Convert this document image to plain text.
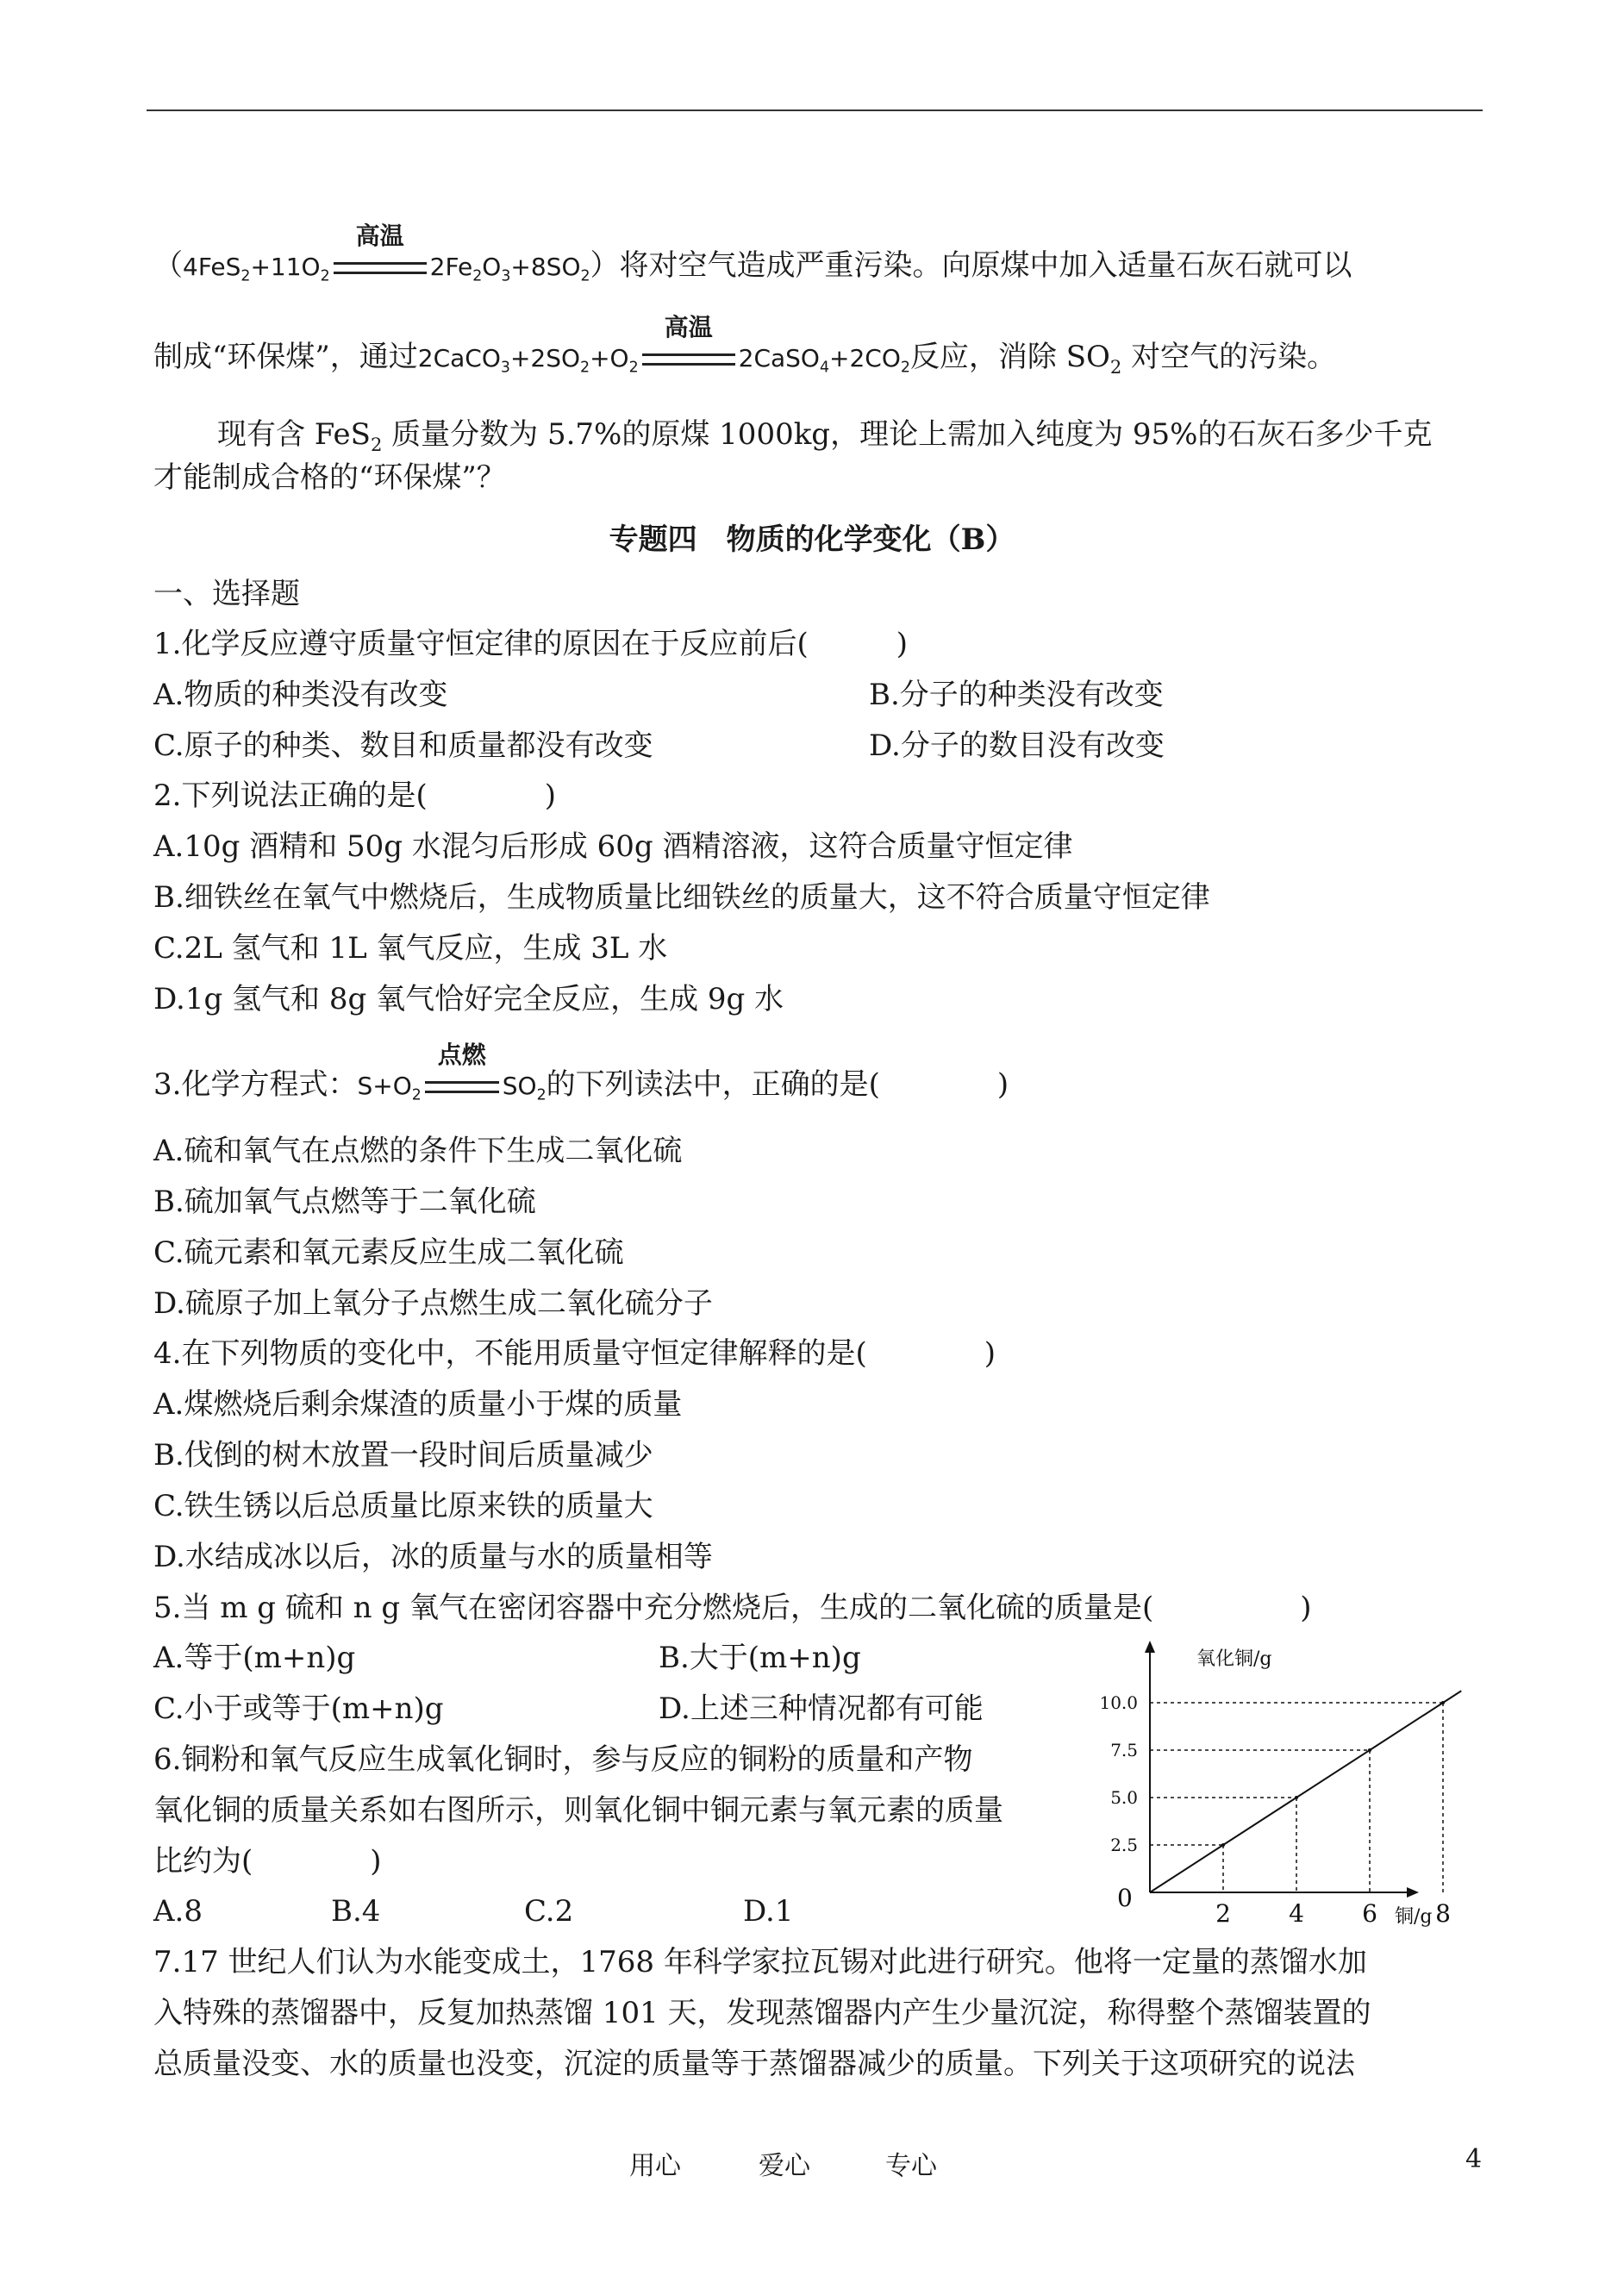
（$4FeS_2+11O_2$
高温
$2Fe_2O_3+8SO_2$）将对空气造成严重污染。向原煤中加入适量石灰石就可以
制成“环保煤”，通过$2CaCO_3+2SO_2+O_2$
高温
$2CaSO_4+2CO_2$反应，消除 $SO_2$ 对空气的污染。
现有含 FeS$_2$ 质量分数为 5.7%的原煤 1000kg，理论上需加入纯度为 95%的石灰石多少千克
才能制成合格的“环保煤”？
专题四　物质的化学变化（B）
一、选择题
1.化学反应遵守质量守恒定律的原因在于反应前后(　　　)
A.物质的种类没有改变	B.分子的种类没有改变
C.原子的种类、数目和质量都没有改变	D.分子的数目没有改变
2.下列说法正确的是(　　　　)
A.10g 酒精和 50g 水混匀后形成 60g 酒精溶液，这符合质量守恒定律
B.细铁丝在氧气中燃烧后，生成物质量比细铁丝的质量大，这不符合质量守恒定律
C.2L 氢气和 1L 氧气反应，生成 3L 水
D.1g 氢气和 8g 氧气恰好完全反应，生成 9g 水
3.化学方程式：$S+O_2$
点燃
$SO_2$的下列读法中，正确的是(　　　　)
A.硫和氧气在点燃的条件下生成二氧化硫
B.硫加氧气点燃等于二氧化硫
C.硫元素和氧元素反应生成二氧化硫
D.硫原子加上氧分子点燃生成二氧化硫分子
4.在下列物质的变化中，不能用质量守恒定律解释的是(　　　　)
A.煤燃烧后剩余煤渣的质量小于煤的质量
B.伐倒的树木放置一段时间后质量减少
C.铁生锈以后总质量比原来铁的质量大
D.水结成冰以后，冰的质量与水的质量相等
5.当 m g 硫和 n g 氧气在密闭容器中充分燃烧后，生成的二氧化硫的质量是(　　　　　)
A.等于(m+n)g	B.大于(m+n)g
C.小于或等于(m+n)g	D.上述三种情况都有可能
6.铜粉和氧气反应生成氧化铜时，参与反应的铜粉的质量和产物
氧化铜的质量关系如右图所示，则氧化铜中铜元素与氧元素的质量
比约为(　　　　)
A.8	B.4	C.2	D.1
7.17 世纪人们认为水能变成土，1768 年科学家拉瓦锡对此进行研究。他将一定量的蒸馏水加
入特殊的蒸馏器中，反复加热蒸馏 101 天，发现蒸馏器内产生少量沉淀，称得整个蒸馏装置的
总质量没变、水的质量也没变，沉淀的质量等于蒸馏器减少的质量。下列关于这项研究的说法
氧化铜/g
铜/g
0
2.5
5.0
7.5
10.0
2 4 6 8
用心	爱心	专心	4
